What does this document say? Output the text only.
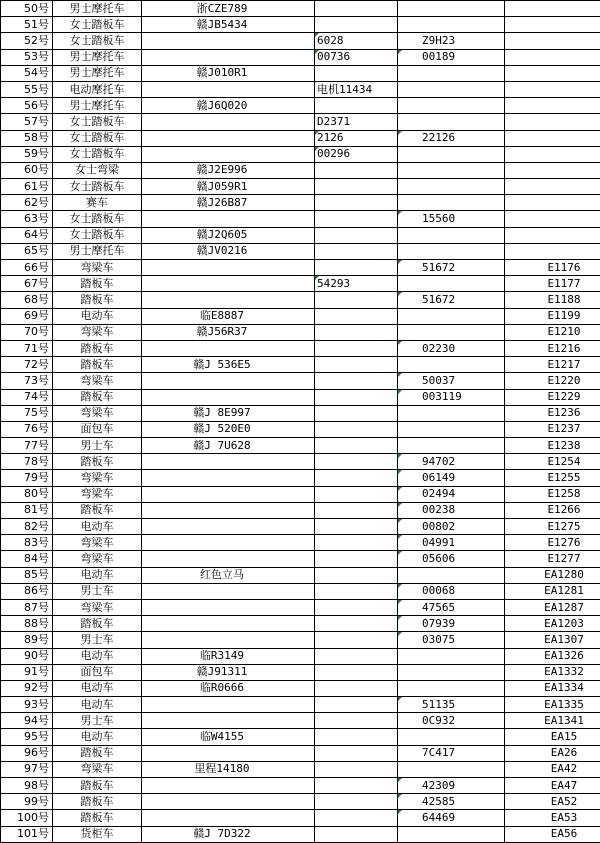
50号	男士摩托车	浙CZE789			
51号	女士踏板车	赣JB5434			
52号	女士踏板车		6028	Z9H23	
53号	男士摩托车		00736	00189	
54号	男士摩托车	赣J010R1			
55号	电动摩托车		电机11434		
56号	男士摩托车	赣J6Q020			
57号	女士踏板车		D2371		
58号	女士踏板车		2126	22126	
59号	女士踏板车		00296		
60号	女士弯梁	赣J2E996			
61号	女士踏板车	赣J059R1			
62号	赛车	赣J26B87			
63号	女士踏板车			15560	
64号	女士踏板车	赣J2Q605			
65号	男士摩托车	赣JV0216			
66号	弯梁车			51672	E1176
67号	踏板车		54293		E1177
68号	踏板车			51672	E1188
69号	电动车	临E8887			E1199
70号	弯梁车	赣J56R37			E1210
71号	踏板车			02230	E1216
72号	踏板车	赣J 536E5			E1217
73号	弯梁车			50037	E1220
74号	踏板车			003119	E1229
75号	弯梁车	赣J 8E997			E1236
76号	面包车	赣J 520E0			E1237
77号	男士车	赣J 7U628			E1238
78号	踏板车			94702	E1254
79号	弯梁车			06149	E1255
80号	弯梁车			02494	E1258
81号	踏板车			00238	E1266
82号	电动车			00802	E1275
83号	弯梁车			04991	E1276
84号	弯梁车			05606	E1277
85号	电动车	红色立马			EA1280
86号	男士车			00068	EA1281
87号	弯梁车			47565	EA1287
88号	踏板车			07939	EA1203
89号	男士车			03075	EA1307
90号	电动车	临R3149			EA1326
91号	面包车	赣J91311			EA1332
92号	电动车	临R0666			EA1334
93号	电动车			51135	EA1335
94号	男士车			0C932	EA1341
95号	电动车	临W4155			EA15
96号	踏板车			7C417	EA26
97号	弯梁车	里程14180			EA42
98号	踏板车			42309	EA47
99号	踏板车			42585	EA52
100号	踏板车			64469	EA53
101号	货柜车	赣J 7D322			EA56
